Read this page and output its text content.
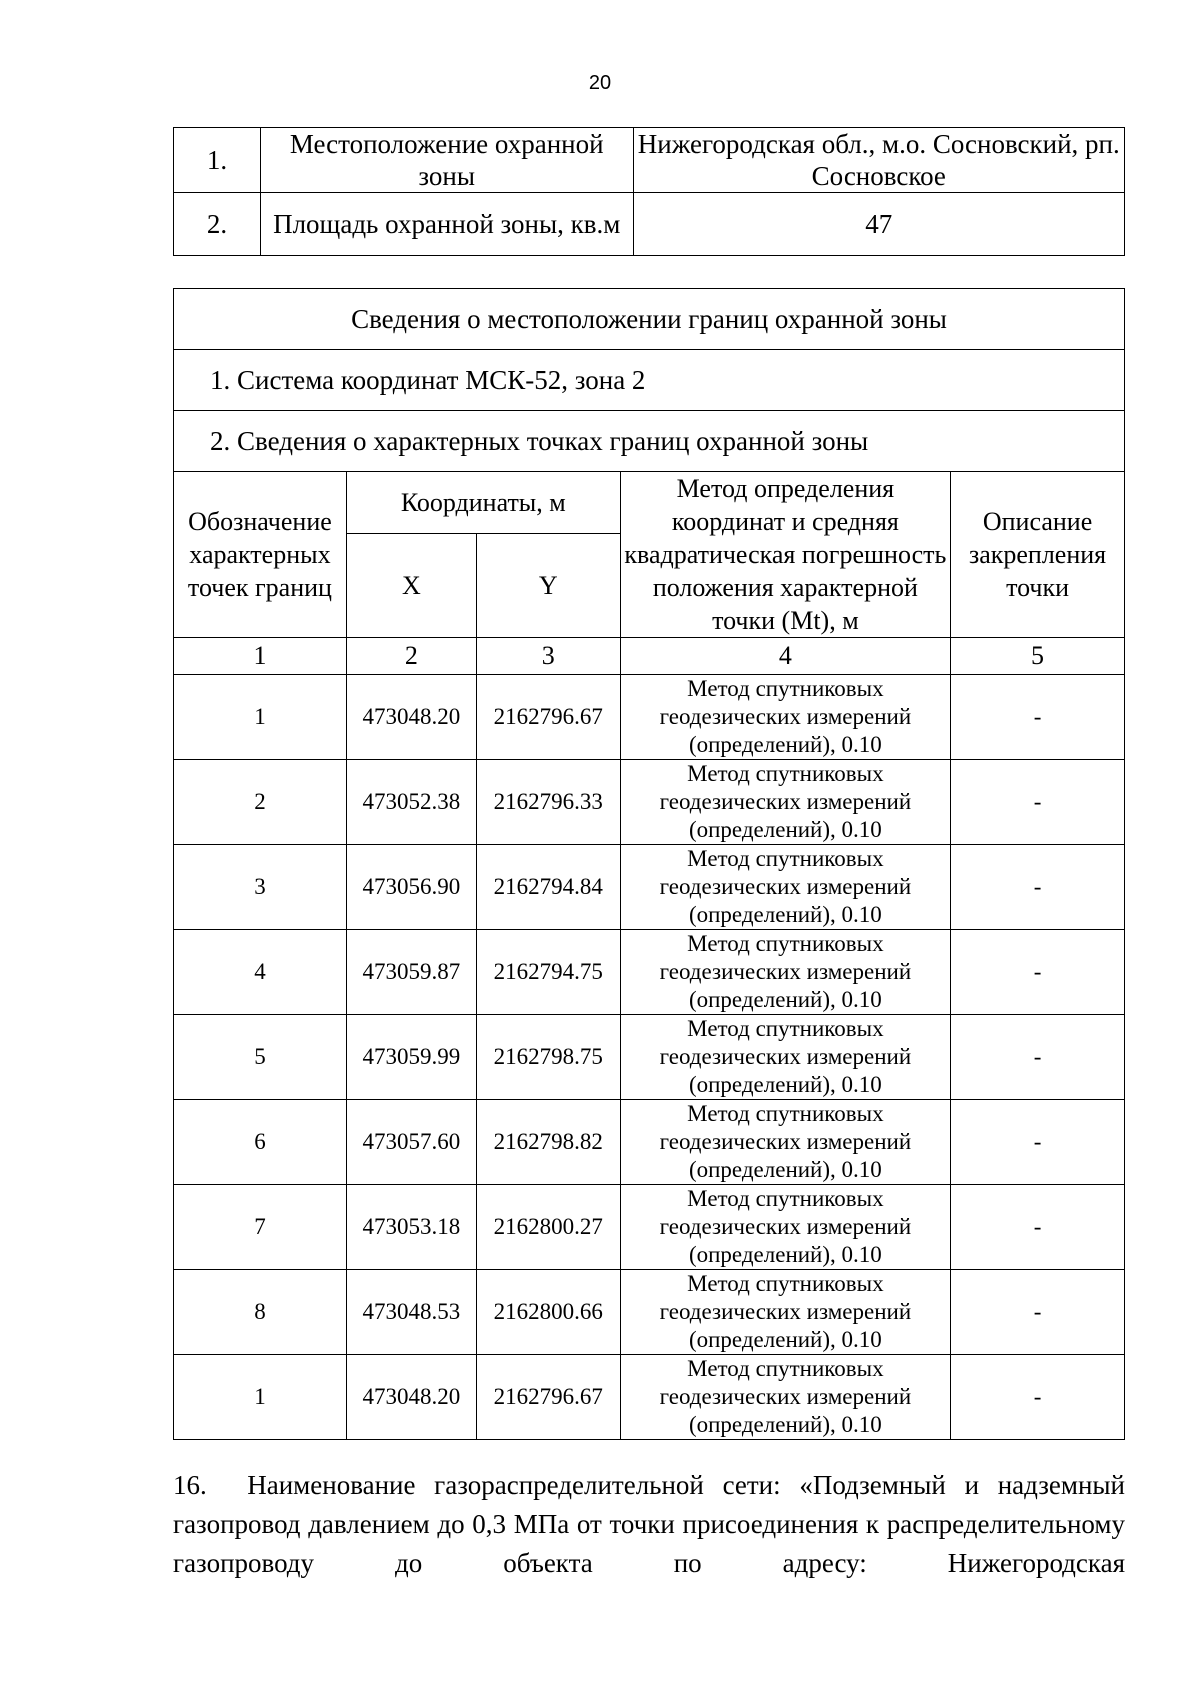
20
1.	Местоположение охранной зоны	Нижегородская обл., м.о. Сосновский, рп. Сосновское
2.	Площадь охранной зоны, кв.м	47
Сведения о местоположении границ охранной зоны				
1. Система координат МСК-52, зона 2				
2. Сведения о характерных точках границ охранной зоны				
Обозначение характерных точек границ	Координаты, м		Метод определения координат и средняя квадратическая погрешность положения характерной точки (Mt), м	Описание закрепления точки
	X	Y		
1	2	3	4	5
1	473048.20	2162796.67	Метод спутниковых геодезических измерений (определений), 0.10	-
2	473052.38	2162796.33	Метод спутниковых геодезических измерений (определений), 0.10	-
3	473056.90	2162794.84	Метод спутниковых геодезических измерений (определений), 0.10	-
4	473059.87	2162794.75	Метод спутниковых геодезических измерений (определений), 0.10	-
5	473059.99	2162798.75	Метод спутниковых геодезических измерений (определений), 0.10	-
6	473057.60	2162798.82	Метод спутниковых геодезических измерений (определений), 0.10	-
7	473053.18	2162800.27	Метод спутниковых геодезических измерений (определений), 0.10	-
8	473048.53	2162800.66	Метод спутниковых геодезических измерений (определений), 0.10	-
1	473048.20	2162796.67	Метод спутниковых геодезических измерений (определений), 0.10	-
16.  Наименование газораспределительной сети: «Подземный и надземный газопровод давлением до 0,3 МПа от точки присоединения к распределительному газопроводу до объекта по адресу: Нижегородская
